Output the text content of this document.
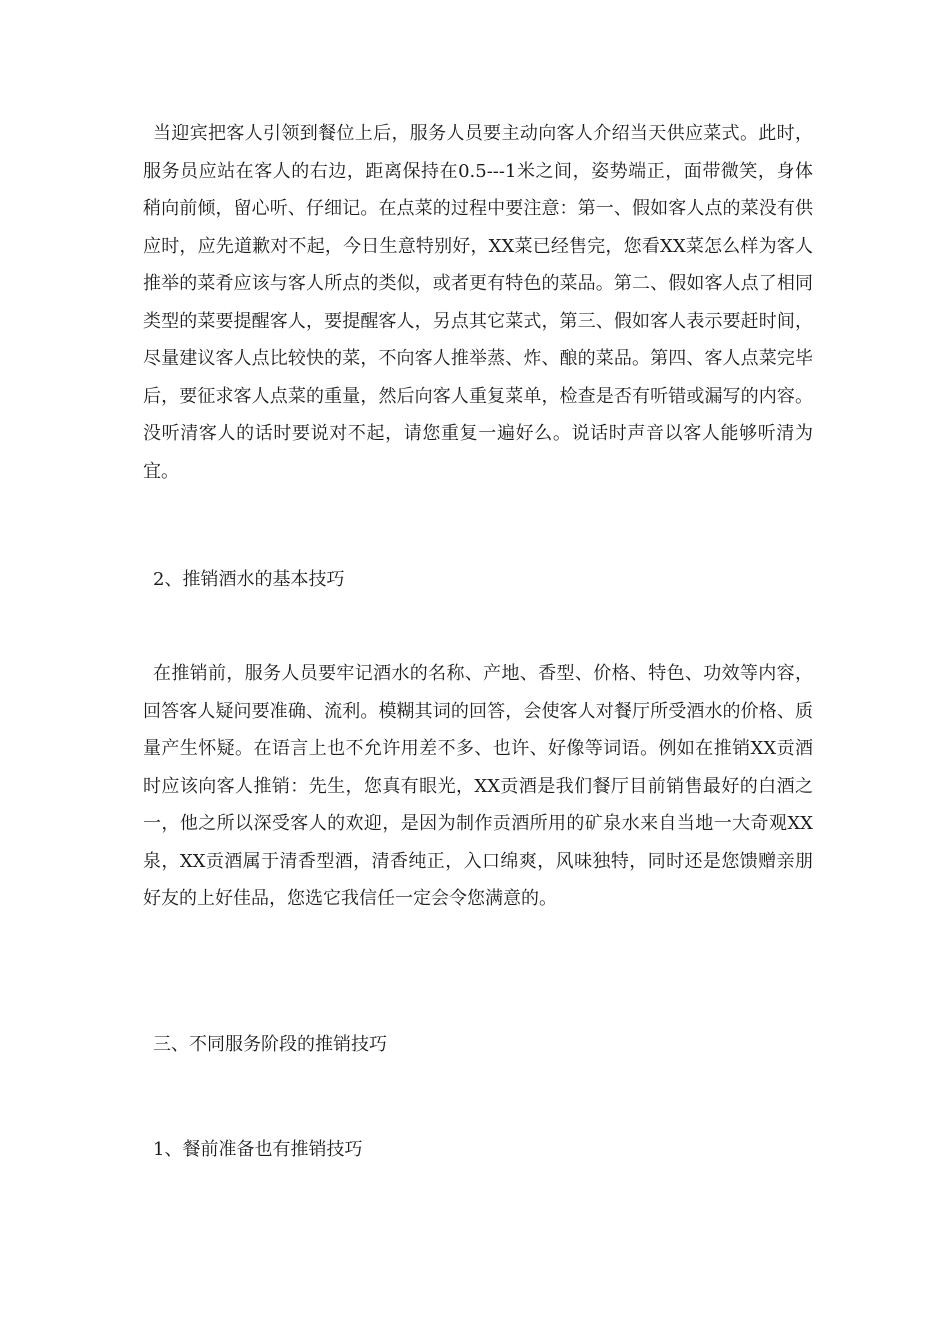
当迎宾把客人引领到餐位上后，服务人员要主动向客人介绍当天供应菜式。此时，服务员应站在客人的右边，距离保持在0.5---1米之间，姿势端正，面带微笑，身体稍向前倾，留心听、仔细记。在点菜的过程中要注意：第一、假如客人点的菜没有供应时，应先道歉对不起，今日生意特别好，XX菜已经售完，您看XX菜怎么样为客人推举的菜肴应该与客人所点的类似，或者更有特色的菜品。第二、假如客人点了相同类型的菜要提醒客人，要提醒客人，另点其它菜式，第三、假如客人表示要赶时间，尽量建议客人点比较快的菜，不向客人推举蒸、炸、酿的菜品。第四、客人点菜完毕后，要征求客人点菜的重量，然后向客人重复菜单，检查是否有听错或漏写的内容。没听清客人的话时要说对不起，请您重复一遍好么。说话时声音以客人能够听清为宜。

2、推销酒水的基本技巧

在推销前，服务人员要牢记酒水的名称、产地、香型、价格、特色、功效等内容，回答客人疑问要准确、流利。模糊其词的回答，会使客人对餐厅所受酒水的价格、质量产生怀疑。在语言上也不允许用差不多、也许、好像等词语。例如在推销XX贡酒时应该向客人推销：先生，您真有眼光，XX贡酒是我们餐厅目前销售最好的白酒之一，他之所以深受客人的欢迎，是因为制作贡酒所用的矿泉水来自当地一大奇观XX泉，XX贡酒属于清香型酒，清香纯正，入口绵爽，风味独特，同时还是您馈赠亲朋好友的上好佳品，您选它我信任一定会令您满意的。

三、不同服务阶段的推销技巧

1、餐前准备也有推销技巧
